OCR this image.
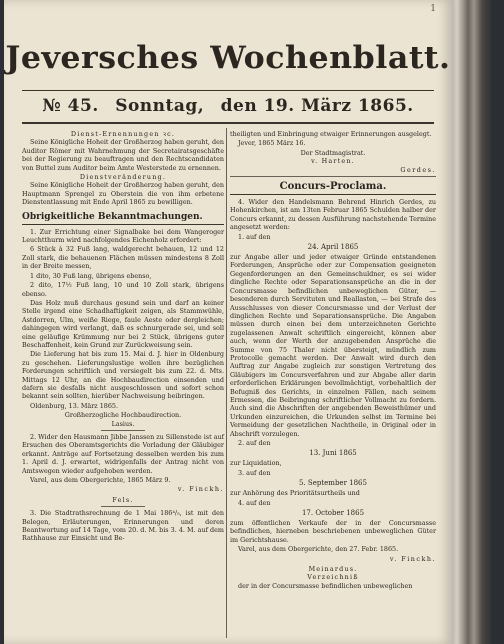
1
Jeversches Wochenblatt.
№ 45. Sonntag, den 19. März 1865.
Dienst-Ernennungen ꝛc.

Seine Königliche Hoheit der Großherzog haben geruht, den Auditor Römer mit Wahrnehmung der Secretairatsgeschäfte bei der Regierung zu beauftragen und den Rechtscandidaten von Buttel zum Auditor beim Amte Westerstede zu ernennen.

Dienstveränderung.

Seine Königliche Hoheit der Großherzog haben geruht, den Hauptmann Sprengel zu Oberstein die von ihm erbetene Dienstentlassung mit Ende April 1865 zu bewilligen.

Obrigkeitliche Bekanntmachungen.

1. Zur Errichtung einer Signalbake bei dem Wangeroger Leuchtthurm wird nachfolgendes Eichenholz erfordert:

6 Stück à 32 Fuß lang, waldgerecht behauen, 12 und 12 Zoll stark, die behauenen Flächen müssen mindestens 8 Zoll in der Breite messen,

1 dito, 30 Fuß lang, übrigens ebenso,

2 dito, 17½ Fuß lang, 10 und 10 Zoll stark, übrigens ebenso.

Das Holz muß durchaus gesund sein und darf an keiner Stelle irgend eine Schadhaftigkeit zeigen, als Stammwühle, Astdorren, Ulm, weiße Riege, faule Aeste oder dergleichen; dahingegen wird verlangt, daß es schnurgerade sei, und soll eine geläufige Krümmung nur bei 2 Stück, übrigens guter Beschaffenheit, kein Grund zur Zurückweisung sein.

Die Lieferung hat bis zum 15. Mai d. J. hier in Oldenburg zu geschehen. Lieferungslustige wollen ihre bezüglichen Forderungen schriftlich und versiegelt bis zum 22. d. Mts. Mittags 12 Uhr, an die Hochbaudirection einsenden und dafern sie desfalls nicht ausgeschlossen und sofort schon bekannt sein sollten, hierüber Nachweisung beibringen.

Oldenburg, 13. März 1865.

Großherzogliche Hochbaudirection.
Lasius.

2. Wider den Hausmann Jibbe Janssen zu Sillenstede ist auf Ersuchen des Oberamtsgerichts die Vorladung der Gläubiger erkannt. Anträge auf Fortsetzung desselben werden bis zum 1. April d. J. erwartet, widrigenfalls der Antrag nicht von Amtswegen wieder aufgehoben werden.

Varel, aus dem Obergerichte, 1865 März 9.

v. Finckh.
Fels.

3. Die Stadtrathsrechnung de 1 Mai 186⁴/₅, ist mit den Belegen, Erläuterungen, Erinnerungen und deren Beantwortung auf 14 Tage, vom 20. d. M. bis 3. 4. M. auf dem Rathhause zur Einsicht und Be-

theiligten und Einbringung etwaiger Erinnerungen ausgelegt.

Jever, 1865 März 16.

Der Stadtmagistrat.
v. Harten.
Gerdes.
Concurs-Proclama.

4. Wider den Handelsmann Behrend Hinrich Gerdes, zu Hohenkirchen, ist am 13ten Februar 1865 Schulden halber der Concurs erkannt, zu dessen Ausführung nachstehende Termine angesetzt werden:

1. auf den

24. April 1865

zur Angabe aller und jeder etwaiger Gründe entstandenen Forderungen, Ansprüche oder zur Compensation geeigneten Gegenforderungen an den Gemeinschuldner, es sei wider dingliche Rechte oder Separationsansprüche an die in der Concursmasse befindlichen unbeweglichen Güter, —besonderen durch Servituten und Reallasten, — bei Strafe des Ausschlusses von dieser Concursmasse und der Verlust der dinglichen Rechte und Separationsansprüche. Die Angaben müssen durch einen bei dem unterzeichneten Gerichte zugelassenen Anwalt schriftlich eingereicht, können aber auch, wenn der Werth der anzugebenden Ansprüche die Summe von 75 Thaler nicht übersteigt, mündlich zum Protocolle gemacht werden. Der Anwalt wird durch den Auftrag zur Angabe zugleich zur sonstigen Vertretung des Gläubigers im Concursverfahren und zur Abgabe aller darin erforderlichen Erklärungen bevollmächtigt, vorbehaltlich der Befugniß des Gerichts, in einzelnen Fällen, nach seinem Ermessen, die Beibringung schriftlicher Vollmacht zu fordern. Auch sind die Abschriften der angebenden Beweisthümer und Urkunden einzureichen, die Urkunden selbst im Termine bei Vermeidung der gesetzlichen Nachtheile, in Original oder in Abschrift vorzulegen.

2. auf den

13. Juni 1865

zur Liquidation,

3. auf den

5. September 1865

zur Anhörung des Prioritätsurtheils und

4. auf den

17. October 1865

zum öffentlichen Verkaufe der in der Concursmasse befindlichen, hierneben beschriebenen unbeweglichen Güter im Gerichtshause.

Varel, aus dem Obergerichte, den 27. Febr. 1865.

v. Finckh.
Meinardus.
Verzeichniß

der in der Concursmasse befindlichen unbeweglichen
